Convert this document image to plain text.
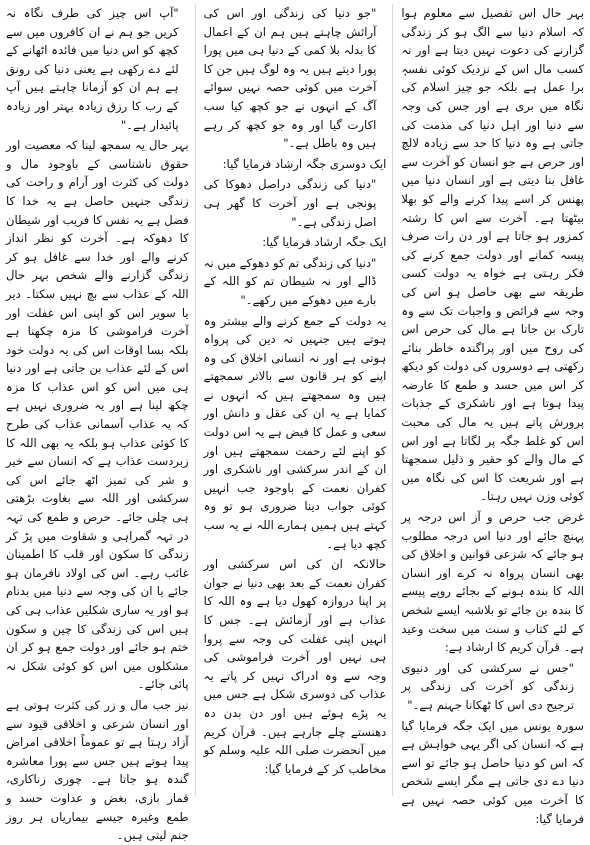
بہر حال اس تفصیل سے معلوم ہوا کہ اسلام دنیا سے الگ ہو کر زندگی گزارنے کی دعوت نہیں دیتا ہے اور نہ کسب مال اس کے نزدیک کوئی نفسہٖ برا عمل ہے بلکہ جو چیز اسلام کی نگاہ میں بری ہے اور جس کی وجہ سے دنیا اور اہل دنیا کی مذمت کی جاتی ہے وہ دنیا کا حد سے زیادہ لالچ اور حرص ہے جو انسان کو آخرت سے غافل بنا دیتی ہے اور انسان دنیا میں پھنس کر اسے پیدا کرنے والے کو بھلا بیٹھتا ہے۔ آخرت سے اس کا رشتہ کمزور ہو جاتا ہے اور دن رات صرف پیسہ کمانے اور دولت جمع کرنے کی فکر رہتی ہے خواہ یہ دولت کسی طریقہ سے بھی حاصل ہو اس کی وجہ سے فرائض و واجبات تک سے وہ تارک بن جاتا ہے مال کی حرص اس کی روح میں اور پراگندہ خاطر بنائے رکھتی ہے دوسروں کی دولت کو دیکھ کر اس میں حسد و طمع کا عارضہ پیدا ہوتا ہے اور ناشکری کے جذبات پرورش پاتے ہیں یہ مال کی محبت اس کو غلط جگہ پر لگاتا ہے اور اس کے مال والے کو حقیر و ذلیل سمجھتا ہے اور شریعت کا اس کی نگاہ میں کوئی وزن نہیں رہتا۔

غرض جب حرص و آز اس درجہ پر پہنچ جائے اور دنیا اس درجہ مطلوب ہو جائے کہ شرعی قوانین و اخلاق کی بھی انسان پرواہ نہ کرے اور انسان اللہ کا بندہ ہونے کے بجائے روپے پیسے کا بندہ بن جائے تو بلاشبہ ایسے شخص کے لئے کتاب و سنت میں سخت وعید ہے۔ قرآن کریم کا ارشاد ہے:

"جس نے سرکشی کی اور دنیوی زندگی کو آخرت کی زندگی پر ترجیح دی اس کا ٹھکانا جہنم ہے۔"

سورہ یونس میں ایک جگہ فرمایا گیا ہے کہ انسان کی اگر یہی خواہش ہے کہ اس کو دنیا حاصل ہو جائے تو اسے دنیا دے دی جاتی ہے مگر ایسے شخص کا آخرت میں کوئی حصہ نہیں ہے فرمایا گیا:

"جو دنیا کی زندگی اور اس کی آرائش چاہتے ہیں ہم ان کے اعمال کا بدلہ بلا کمی کے دنیا ہی میں پورا پورا دیتے ہیں یہ وہ لوگ ہیں جن کا آخرت میں کوئی حصہ نہیں سوائے آگ کے انہوں نے جو کچھ کیا سب اکارت گیا اور وہ جو کچھ کر رہے ہیں وہ باطل ہے۔"

ایک دوسری جگہ ارشاد فرمایا گیا:

"دنیا کی زندگی دراصل دھوکا کی پونجی ہے اور آخرت کا گھر ہی اصل زندگی ہے۔"

ایک جگہ ارشاد فرمایا گیا:

"دنیا کی زندگی تم کو دھوکے میں نہ ڈالے اور نہ شیطان تم کو اللہ کے بارے میں دھوکے میں رکھے۔"

یہ دولت کے جمع کرنے والے بیشتر وہ ہوتے ہیں جنہیں نہ دین کی پرواہ ہوتی ہے اور نہ انسانی اخلاق کی وہ اپنے کو ہر قانون سے بالاتر سمجھتے ہیں وہ سمجھتے ہیں کہ انہوں نے کمایا ہے یہ ان کی عقل و دانش اور سعی و عمل کا فیض ہے یہ اس دولت کو اپنے لئے رحمت سمجھتے ہیں اور ان کے اندر سرکشی اور ناشکری اور کفران نعمت کے باوجود جب انہیں کوئی جواب دینا ضروری ہو تو وہ کہتے ہیں ہمیں ہمارے اللہ نے یہ سب کچھ دیا ہے۔

حالانکہ ان کی اس سرکشی اور کفران نعمت کے بعد بھی دنیا نے جوان پر اپنا دروازہ کھول دیا ہے وہ اللہ کا عذاب ہے اور آزمائش ہے۔ جس کا انہیں اپنی غفلت کی وجہ سے پروا ہی نہیں اور آخرت فراموشی کی وجہ سے وہ ادراک نہیں کر پاتے یہ عذاب کی دوسری شکل ہے جس میں یہ پڑے ہوئے ہیں اور دن بدن دہ دھنستے چلے جارہے ہیں۔ قرآن کریم میں آنحضرت صلی اللہ علیہ وسلم کو مخاطب کر کے فرمایا گیا:

"آپ اس چیز کی طرف نگاہ نہ کریں جو ہم نے ان کافروں میں سے کچھ کو اس دنیا میں فائدہ اٹھانے کے لئے دے رکھی ہے یعنی دنیا کی رونق ہے ہم ان کو آزمانا چاہتے ہیں آپ کے رب کا رزق زیادہ بہتر اور زیادہ پائیدار ہے۔"

بہر حال یہ سمجھ لینا کہ معصیت اور حقوق ناشناسی کے باوجود مال و دولت کی کثرت اور آرام و راحت کی زندگی جنہیں حاصل ہے یہ خدا کا فضل ہے یہ نفس کا فریب اور شیطان کا دھوکہ ہے۔ آخرت کو نظر انداز کرنے والے اور خدا سے غافل ہو کر زندگی گزارنے والے شخص بہر حال اللہ کے عذاب سے بچ نہیں سکتا۔ دیر یا سویر اس کو اپنی اس غفلت اور آخرت فراموشی کا مزہ چکھنا ہے بلکہ بسا اوقات اس کی یہ دولت خود اس کے لئے عذاب بن جاتی ہے اور دنیا ہی میں اس کو اس عذاب کا مزہ چکھ لینا ہے اور یہ ضروری نہیں ہے کہ یہ عذاب آسمانی عذاب کی طرح کا کوئی عذاب ہو بلکہ یہ بھی اللہ کا زبردست عذاب ہے کہ انسان سے خیر و شر کی تمیز اٹھ جائے اس کی سرکشی اور اللہ سے بغاوت بڑھتی ہی چلی جائے۔ حرص و طمع کی تہہ در تہہ گمراہی و شقاوت میں پڑ کر زندگی کا سکون اور قلب کا اطمینان غائب رہے۔ اس کی اولاد نافرمان ہو جائے یا ان کی وجہ سے دنیا میں بدنام ہو اور یہ ساری شکلیں عذاب ہی کی ہیں اس کی زندگی کا چین و سکون ختم ہو جائے اور دولت جمع ہو کر ان مشکلوں میں اس کو کوئی شکل نہ پائی جائے۔

نیز جب مال و زر کی کثرت ہوتی ہے اور انسان شرعی و اخلاقی قیود سے آزاد رہتا ہے تو عموماً اخلاقی امراض پیدا ہوتے ہیں جس سے پورا معاشرہ گندہ ہو جاتا ہے۔ چوری زناکاری، قمار بازی، بغض و عداوت حسد و طمع وغیرہ جیسے بیماریاں ہر روز جنم لیتی ہیں۔
